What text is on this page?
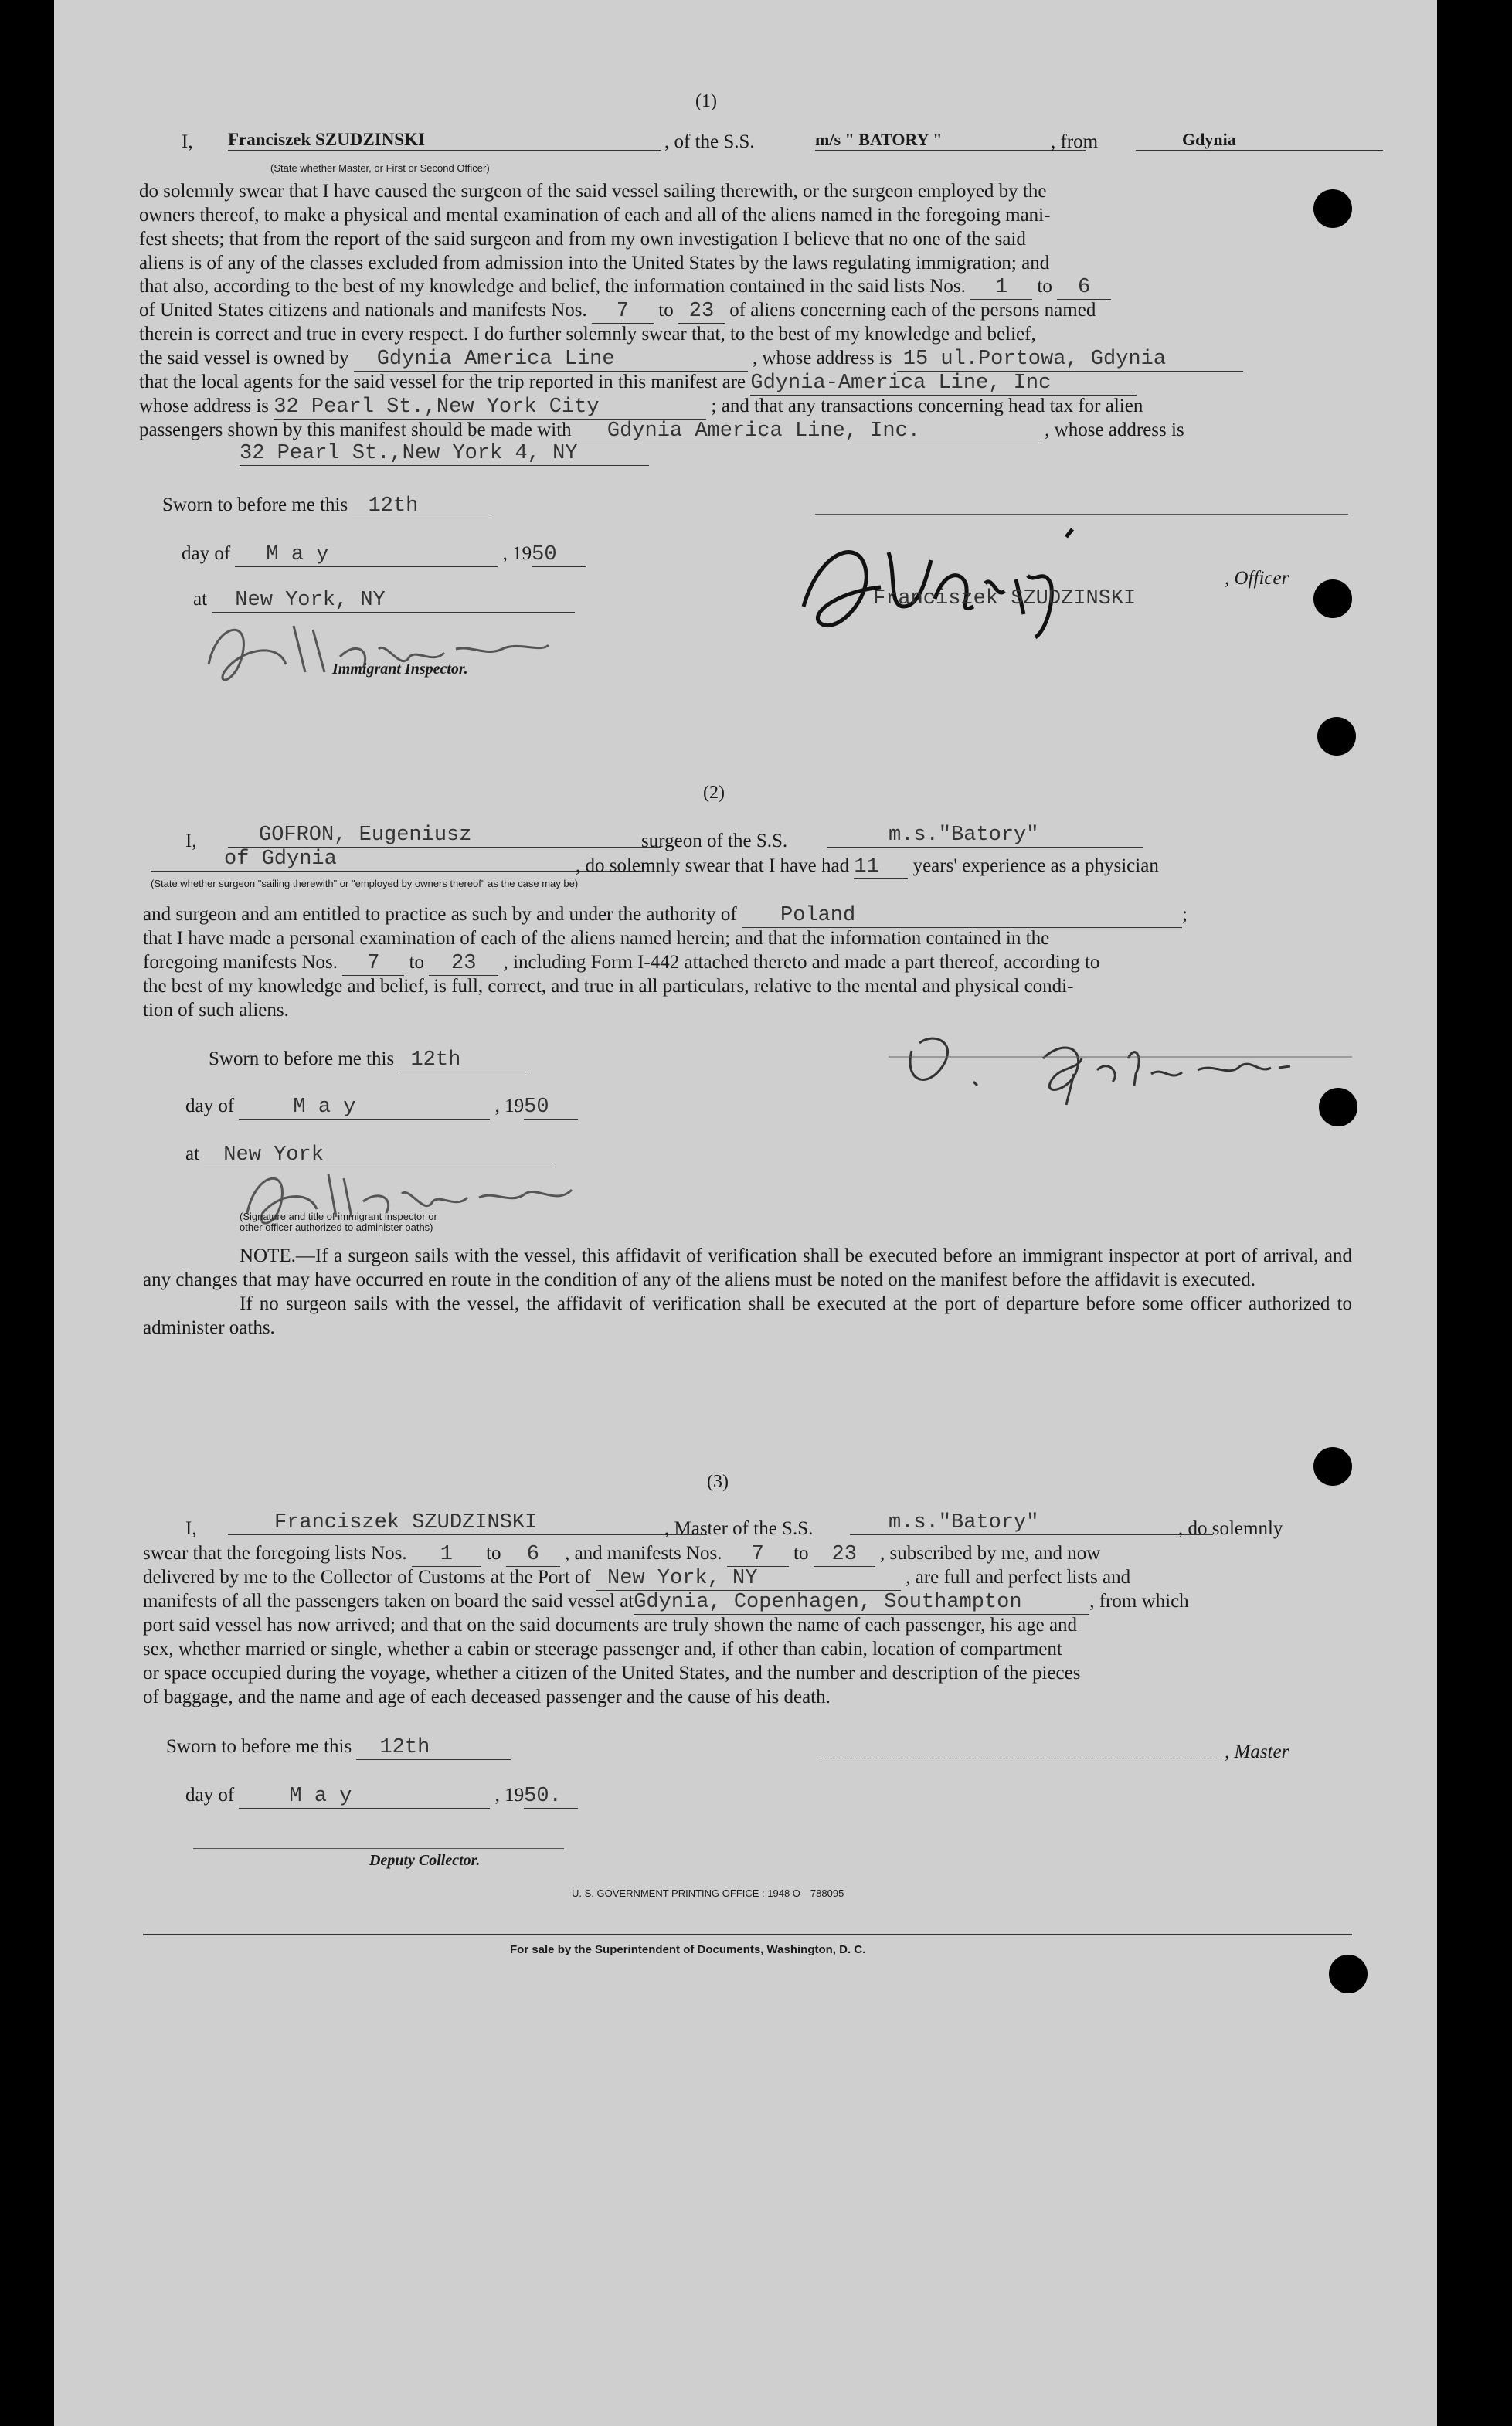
(1)
I, Franciszek SZUDZINSKI	, of the S.S.	m/s " BATORY "	, from	Gdynia
(State whether Master, or First or Second Officer)

do solemnly swear that I have caused the surgeon of the said vessel sailing therewith, or the surgeon employed by the

owners thereof, to make a physical and mental examination of each and all of the aliens named in the foregoing mani-

fest sheets; that from the report of the said surgeon and from my own investigation I believe that no one of the said

aliens is of any of the classes excluded from admission into the United States by the laws regulating immigration; and

that also, according to the best of my knowledge and belief, the information contained in the said lists Nos. 1 to 6
of United States citizens and nationals and manifests Nos. 7 to 23 of aliens concerning each of the persons named
therein is correct and true in every respect. I do further solemnly swear that, to the best of my knowledge and belief,
the said vessel is owned by Gdynia America Line	, whose address is 15 ul.Portowa, Gdynia
that the local agents for the said vessel for the trip reported in this manifest are Gdynia-America Line, Inc
whose address is 32 Pearl St.,New York City	; and that any transactions concerning head tax for alien
passengers shown by this manifest should be made with Gdynia America Line, Inc.	, whose address is
32 Pearl St.,New York 4, NY
Sworn to before me this 12th
day of M a y	, 1950
at New York, NY	Franciszek SZUDZINSKI
, Officer
Immigrant Inspector.
(2)
I,	GOFRON, Eugeniusz	surgeon of the S.S.	m.s."Batory"
of Gdynia	, do solemnly swear that I have had 11 years' experience as a physician
(State whether surgeon "sailing therewith" or "employed by owners thereof" as the case may be)
and surgeon and am entitled to practice as such by and under the authority of Poland	;
that I have made a personal examination of each of the aliens named herein; and that the information contained in the
foregoing manifests Nos. 7 to 23 , including Form I-442 attached thereto and made a part thereof, according to
the best of my knowledge and belief, is full, correct, and true in all particulars, relative to the mental and physical condi-
tion of such aliens.
Sworn to before me this 12th
day of	M a y	, 1950
at New York
(Signature and title of immigrant inspector or
other officer authorized to administer oaths)

NOTE.—If a surgeon sails with the vessel, this affidavit of verification shall be executed before an immigrant inspector at port of arrival, and any changes that may have occurred en route in the condition of any of the aliens must be noted on the manifest before the affidavit is executed.

If no surgeon sails with the vessel, the affidavit of verification shall be executed at the port of departure before some officer authorized to administer oaths.

(3)
I,	Franciszek SZUDZINSKI	, Master of the S.S.	m.s."Batory"	, do solemnly
swear that the foregoing lists Nos. 1 to 6 , and manifests Nos. 7 to 23 , subscribed by me, and now
delivered by me to the Collector of Customs at the Port of New York, NY	, are full and perfect lists and
manifests of all the passengers taken on board the said vessel atGdynia, Copenhagen, Southampton	, from which
port said vessel has now arrived; and that on the said documents are truly shown the name of each passenger, his age and
sex, whether married or single, whether a cabin or steerage passenger and, if other than cabin, location of compartment
or space occupied during the voyage, whether a citizen of the United States, and the number and description of the pieces
of baggage, and the name and age of each deceased passenger and the cause of his death.
Sworn to before me this 12th	, Master
day of	M a y	, 1950.
Deputy Collector.
U. S. GOVERNMENT PRINTING OFFICE : 1948 O—788095
For sale by the Superintendent of Documents, Washington, D. C.
